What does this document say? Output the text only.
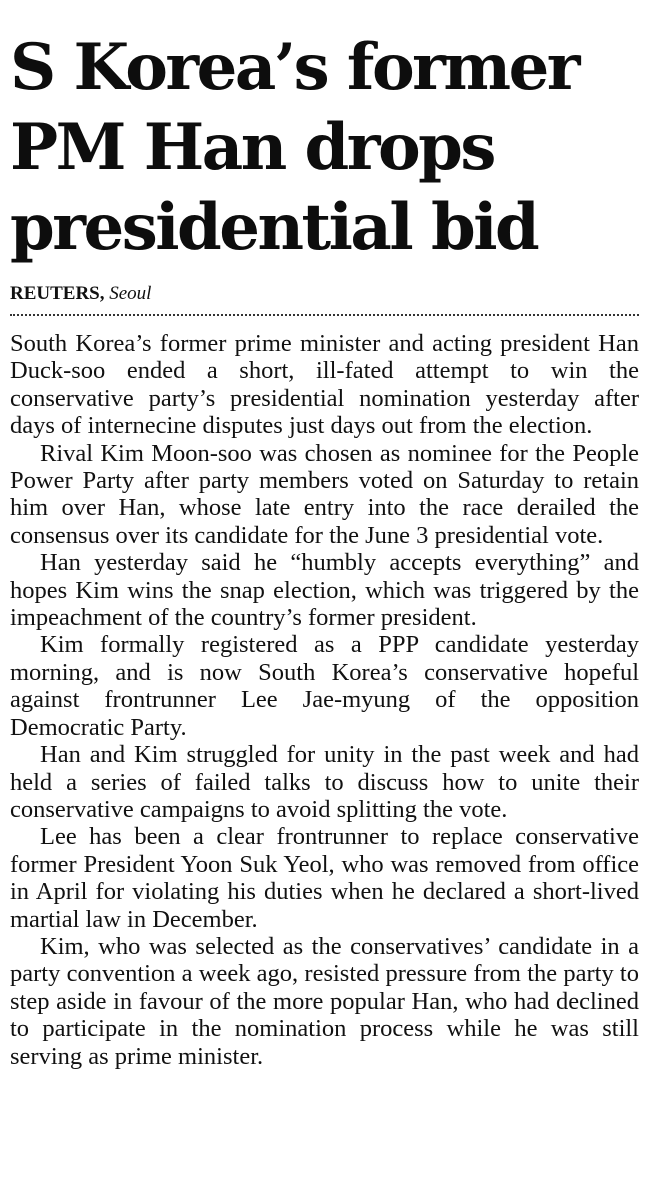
S Korea’s former PM Han drops presidential bid
REUTERS, Seoul

South Korea’s former prime minister and acting president Han Duck-soo ended a short, ill-fated attempt to win the conservative party’s presidential nomination yesterday after days of internecine disputes just days out from the election.

Rival Kim Moon-soo was chosen as nominee for the People Power Party after party members voted on Saturday to retain him over Han, whose late entry into the race derailed the consensus over its candidate for the June 3 presidential vote.

Han yesterday said he “humbly accepts everything” and hopes Kim wins the snap election, which was triggered by the impeachment of the country’s former president.

Kim formally registered as a PPP candidate yesterday morning, and is now South Korea’s conservative hopeful against frontrunner Lee Jae-myung of the opposition Democratic Party.

Han and Kim struggled for unity in the past week and had held a series of failed talks to discuss how to unite their conservative campaigns to avoid splitting the vote.

Lee has been a clear frontrunner to replace conservative former President Yoon Suk Yeol, who was removed from office in April for violating his duties when he declared a short-lived martial law in December.

Kim, who was selected as the conservatives’ candidate in a party convention a week ago, resisted pressure from the party to step aside in favour of the more popular Han, who had declined to participate in the nomination process while he was still serving as prime minister.
